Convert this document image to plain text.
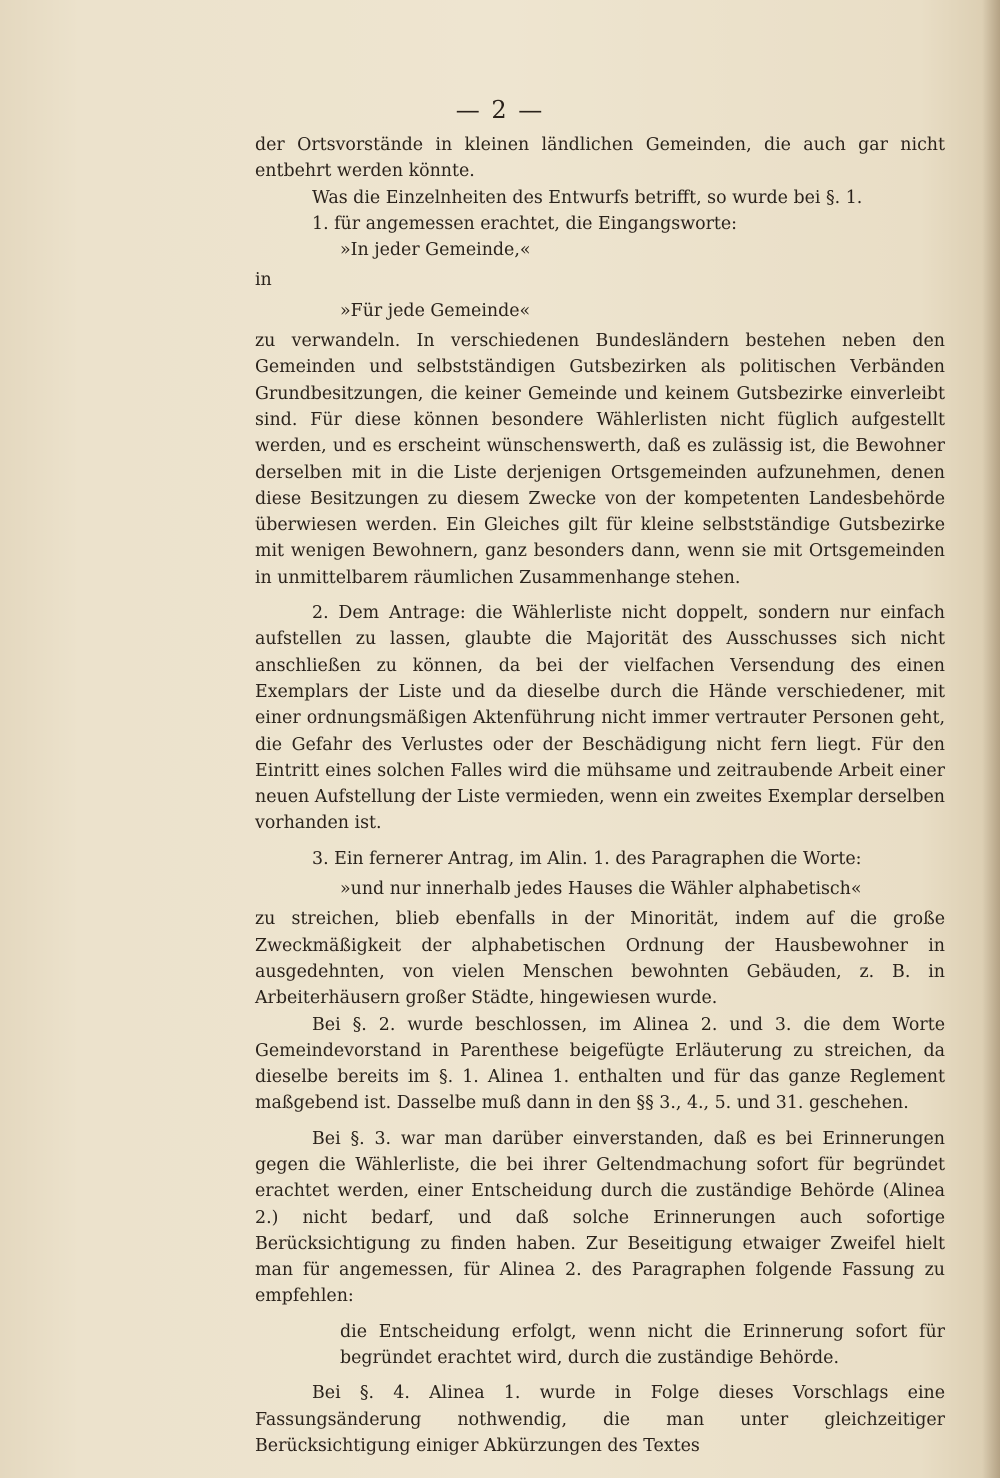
— 2 —

der Ortsvorstände in kleinen ländlichen Gemeinden, die auch gar nicht entbehrt werden könnte.

Was die Einzelnheiten des Entwurfs betrifft, so wurde bei §. 1.

1. für angemessen erachtet, die Eingangsworte:

»In jeder Gemeinde,«

in

»Für jede Gemeinde«

zu verwandeln. In verschiedenen Bundesländern bestehen neben den Gemeinden und selbstständigen Gutsbezirken als politischen Verbänden Grundbesitzungen, die keiner Gemeinde und keinem Gutsbezirke einverleibt sind. Für diese können besondere Wählerlisten nicht füglich aufgestellt werden, und es erscheint wünschenswerth, daß es zulässig ist, die Bewohner derselben mit in die Liste derjenigen Ortsgemeinden aufzunehmen, denen diese Besitzungen zu diesem Zwecke von der kompetenten Landesbehörde überwiesen werden. Ein Gleiches gilt für kleine selbstständige Gutsbezirke mit wenigen Bewohnern, ganz besonders dann, wenn sie mit Ortsgemeinden in unmittelbarem räumlichen Zusammenhange stehen.

2. Dem Antrage: die Wählerliste nicht doppelt, sondern nur einfach aufstellen zu lassen, glaubte die Majorität des Ausschusses sich nicht anschließen zu können, da bei der vielfachen Versendung des einen Exemplars der Liste und da dieselbe durch die Hände verschiedener, mit einer ordnungsmäßigen Aktenführung nicht immer vertrauter Personen geht, die Gefahr des Verlustes oder der Beschädigung nicht fern liegt. Für den Eintritt eines solchen Falles wird die mühsame und zeitraubende Arbeit einer neuen Aufstellung der Liste vermieden, wenn ein zweites Exemplar derselben vorhanden ist.

3. Ein fernerer Antrag, im Alin. 1. des Paragraphen die Worte:

»und nur innerhalb jedes Hauses die Wähler alphabetisch«

zu streichen, blieb ebenfalls in der Minorität, indem auf die große Zweckmäßigkeit der alphabetischen Ordnung der Hausbewohner in ausgedehnten, von vielen Menschen bewohnten Gebäuden, z. B. in Arbeiterhäusern großer Städte, hingewiesen wurde.

Bei §. 2. wurde beschlossen, im Alinea 2. und 3. die dem Worte Gemeindevorstand in Parenthese beigefügte Erläuterung zu streichen, da dieselbe bereits im §. 1. Alinea 1. enthalten und für das ganze Reglement maßgebend ist. Dasselbe muß dann in den §§ 3., 4., 5. und 31. geschehen.

Bei §. 3. war man darüber einverstanden, daß es bei Erinnerungen gegen die Wählerliste, die bei ihrer Geltendmachung sofort für begründet erachtet werden, einer Entscheidung durch die zuständige Behörde (Alinea 2.) nicht bedarf, und daß solche Erinnerungen auch sofortige Berücksichtigung zu finden haben. Zur Beseitigung etwaiger Zweifel hielt man für angemessen, für Alinea 2. des Paragraphen folgende Fassung zu empfehlen:

die Entscheidung erfolgt, wenn nicht die Erinnerung sofort für begründet erachtet wird, durch die zuständige Behörde.

Bei §. 4. Alinea 1. wurde in Folge dieses Vorschlags eine Fassungsänderung nothwendig, die man unter gleichzeitiger Berücksichtigung einiger Abkürzungen des Textes
